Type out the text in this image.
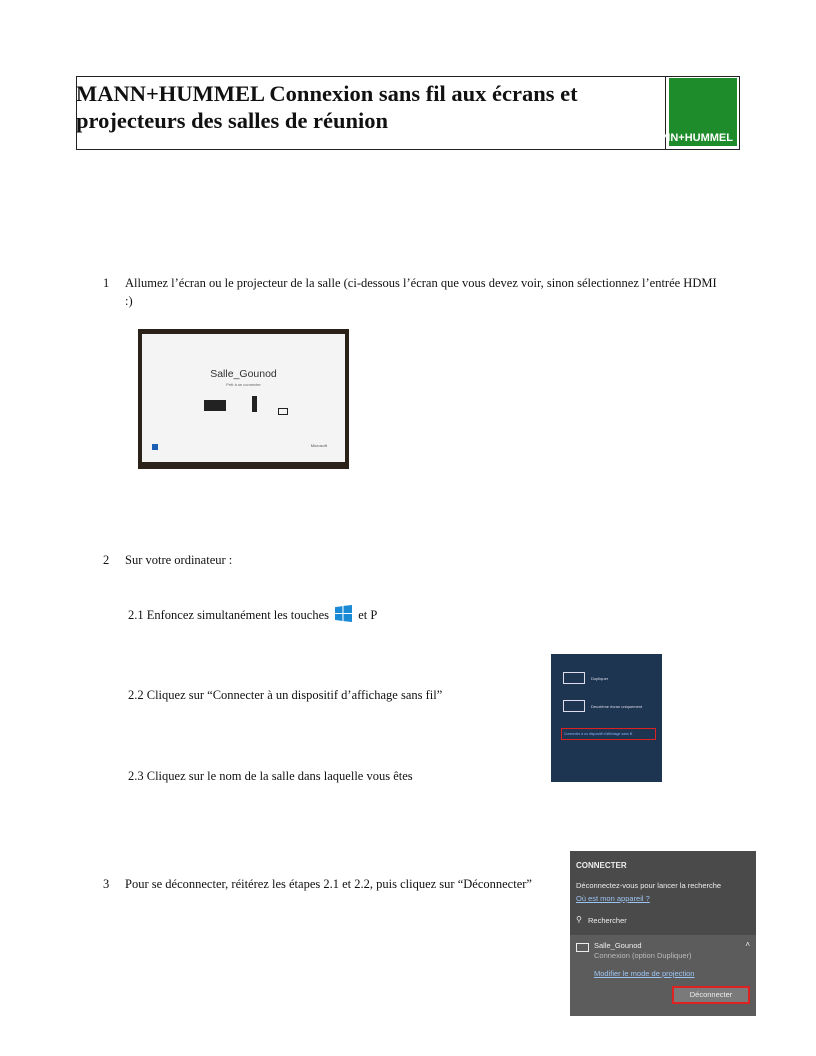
MANN+HUMMEL Connexion sans fil aux écrans et projecteurs des salles de réunion
MANN+HUMMEL
1	Allumez l’écran ou le projecteur de la salle (ci-dessous l’écran que vous devez voir, sinon sélectionnez l’entrée HDMI :)
Salle_Gounod
Prêt à se connecter
Microsoft
2	Sur votre ordinateur :
2.1 Enfoncez simultanément les touches et P
2.2 Cliquez sur “Connecter à un dispositif d’affichage sans fil”
Dupliquer
Deuxième écran uniquement
Connecter à un dispositif d’affichage sans fil
2.3 Cliquez sur le nom de la salle dans laquelle vous êtes
3	Pour se déconnecter, réitérez les étapes 2.1 et 2.2, puis cliquez sur “Déconnecter”
CONNECTER
Déconnectez-vous pour lancer la recherche
Où est mon appareil ?
⚲ Rechercher
Salle_Gounod
Connexion (option Dupliquer)
˄
Modifier le mode de projection
Déconnecter
